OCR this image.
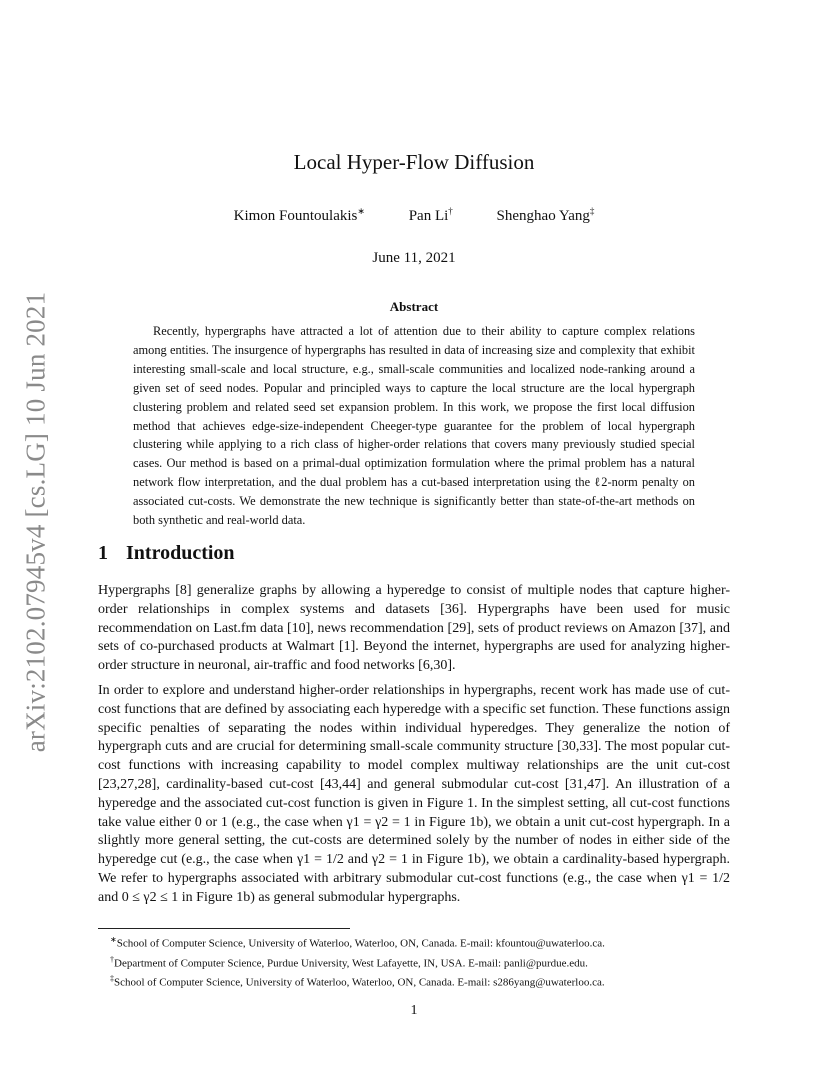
arXiv:2102.07945v4 [cs.LG] 10 Jun 2021
Local Hyper-Flow Diffusion
Kimon Fountoulakis∗	Pan Li†	Shenghao Yang‡
June 11, 2021
Abstract

Recently, hypergraphs have attracted a lot of attention due to their ability to capture complex relations among entities. The insurgence of hypergraphs has resulted in data of increasing size and complexity that exhibit interesting small-scale and local structure, e.g., small-scale communities and localized node-ranking around a given set of seed nodes. Popular and principled ways to capture the local structure are the local hypergraph clustering problem and related seed set expansion problem. In this work, we propose the first local diffusion method that achieves edge-size-independent Cheeger-type guarantee for the problem of local hypergraph clustering while applying to a rich class of higher-order relations that covers many previously studied special cases. Our method is based on a primal-dual optimization formulation where the primal problem has a natural network flow interpretation, and the dual problem has a cut-based interpretation using the ℓ2-norm penalty on associated cut-costs. We demonstrate the new technique is significantly better than state-of-the-art methods on both synthetic and real-world data.

1 Introduction

Hypergraphs [8] generalize graphs by allowing a hyperedge to consist of multiple nodes that capture higher-order relationships in complex systems and datasets [36]. Hypergraphs have been used for music recommendation on Last.fm data [10], news recommendation [29], sets of product reviews on Amazon [37], and sets of co-purchased products at Walmart [1]. Beyond the internet, hypergraphs are used for analyzing higher-order structure in neuronal, air-traffic and food networks [6,30].

In order to explore and understand higher-order relationships in hypergraphs, recent work has made use of cut-cost functions that are defined by associating each hyperedge with a specific set function. These functions assign specific penalties of separating the nodes within individual hyperedges. They generalize the notion of hypergraph cuts and are crucial for determining small-scale community structure [30,33]. The most popular cut-cost functions with increasing capability to model complex multiway relationships are the unit cut-cost [23,27,28], cardinality-based cut-cost [43,44] and general submodular cut-cost [31,47]. An illustration of a hyperedge and the associated cut-cost function is given in Figure 1. In the simplest setting, all cut-cost functions take value either 0 or 1 (e.g., the case when γ1 = γ2 = 1 in Figure 1b), we obtain a unit cut-cost hypergraph. In a slightly more general setting, the cut-costs are determined solely by the number of nodes in either side of the hyperedge cut (e.g., the case when γ1 = 1/2 and γ2 = 1 in Figure 1b), we obtain a cardinality-based hypergraph. We refer to hypergraphs associated with arbitrary submodular cut-cost functions (e.g., the case when γ1 = 1/2 and 0 ≤ γ2 ≤ 1 in Figure 1b) as general submodular hypergraphs.

∗School of Computer Science, University of Waterloo, Waterloo, ON, Canada. E-mail: kfountou@uwaterloo.ca.
†Department of Computer Science, Purdue University, West Lafayette, IN, USA. E-mail: panli@purdue.edu.
‡School of Computer Science, University of Waterloo, Waterloo, ON, Canada. E-mail: s286yang@uwaterloo.ca.
1
